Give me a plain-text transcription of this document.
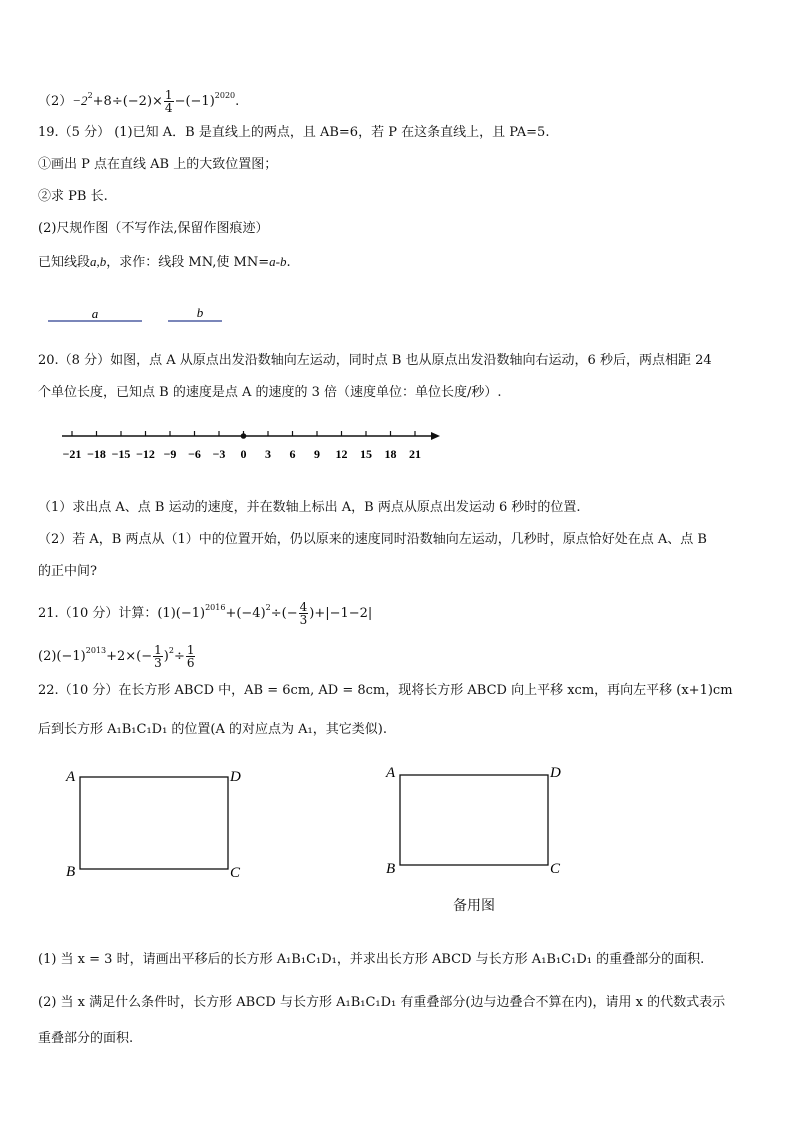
$(2)-2^2+8\div(-2)\times \frac{1}{4} -(-1)^{2020}$.
19.（5 分） (1)已知 A．B 是直线上的两点，且 AB=6，若 P 在这条直线上，且 PA=5.
①画出 P 点在直线 AB 上的大致位置图；
②求 PB 长.
(2)尺规作图（不写作法,保留作图痕迹）
已知线段a,b，求作：线段 MN,使 MN=a-b.
a	b
20.（8 分）如图，点 A 从原点出发沿数轴向左运动，同时点 B 也从原点出发沿数轴向右运动，6 秒后，两点相距 24
个单位长度，已知点 B 的速度是点 A 的速度的 3 倍（速度单位：单位长度/秒）.
−21 −18 −15 −12 −9 −6 −3 0 3 6 9 12 15 18 21
（1）求出点 A、点 B 运动的速度，并在数轴上标出 A，B 两点从原点出发运动 6 秒时的位置.
（2）若 A，B 两点从（1）中的位置开始，仍以原来的速度同时沿数轴向左运动，几秒时，原点恰好处在点 A、点 B
的正中间?
21.（10 分）计算：$(1)(-1)^{2016}+(-4)^2\div(- \frac{4}{3} )+|-1-2|$
$(2)(-1)^{2013}+2\times(- \frac{1}{3} )^2\div \frac{1}{6}$
22.（10 分）在长方形 ABCD 中，AB = 6cm, AD = 8cm，现将长方形 ABCD 向上平移 xcm，再向左平移 (x+1)cm
后到长方形 A₁B₁C₁D₁ 的位置(A 的对应点为 A₁，其它类似).
A	D
B	C
A	D
B	C
备用图
(1) 当 x = 3 时，请画出平移后的长方形 A₁B₁C₁D₁，并求出长方形 ABCD 与长方形 A₁B₁C₁D₁ 的重叠部分的面积.
(2) 当 x 满足什么条件时，长方形 ABCD 与长方形 A₁B₁C₁D₁ 有重叠部分(边与边叠合不算在内)，请用 x 的代数式表示
重叠部分的面积.
